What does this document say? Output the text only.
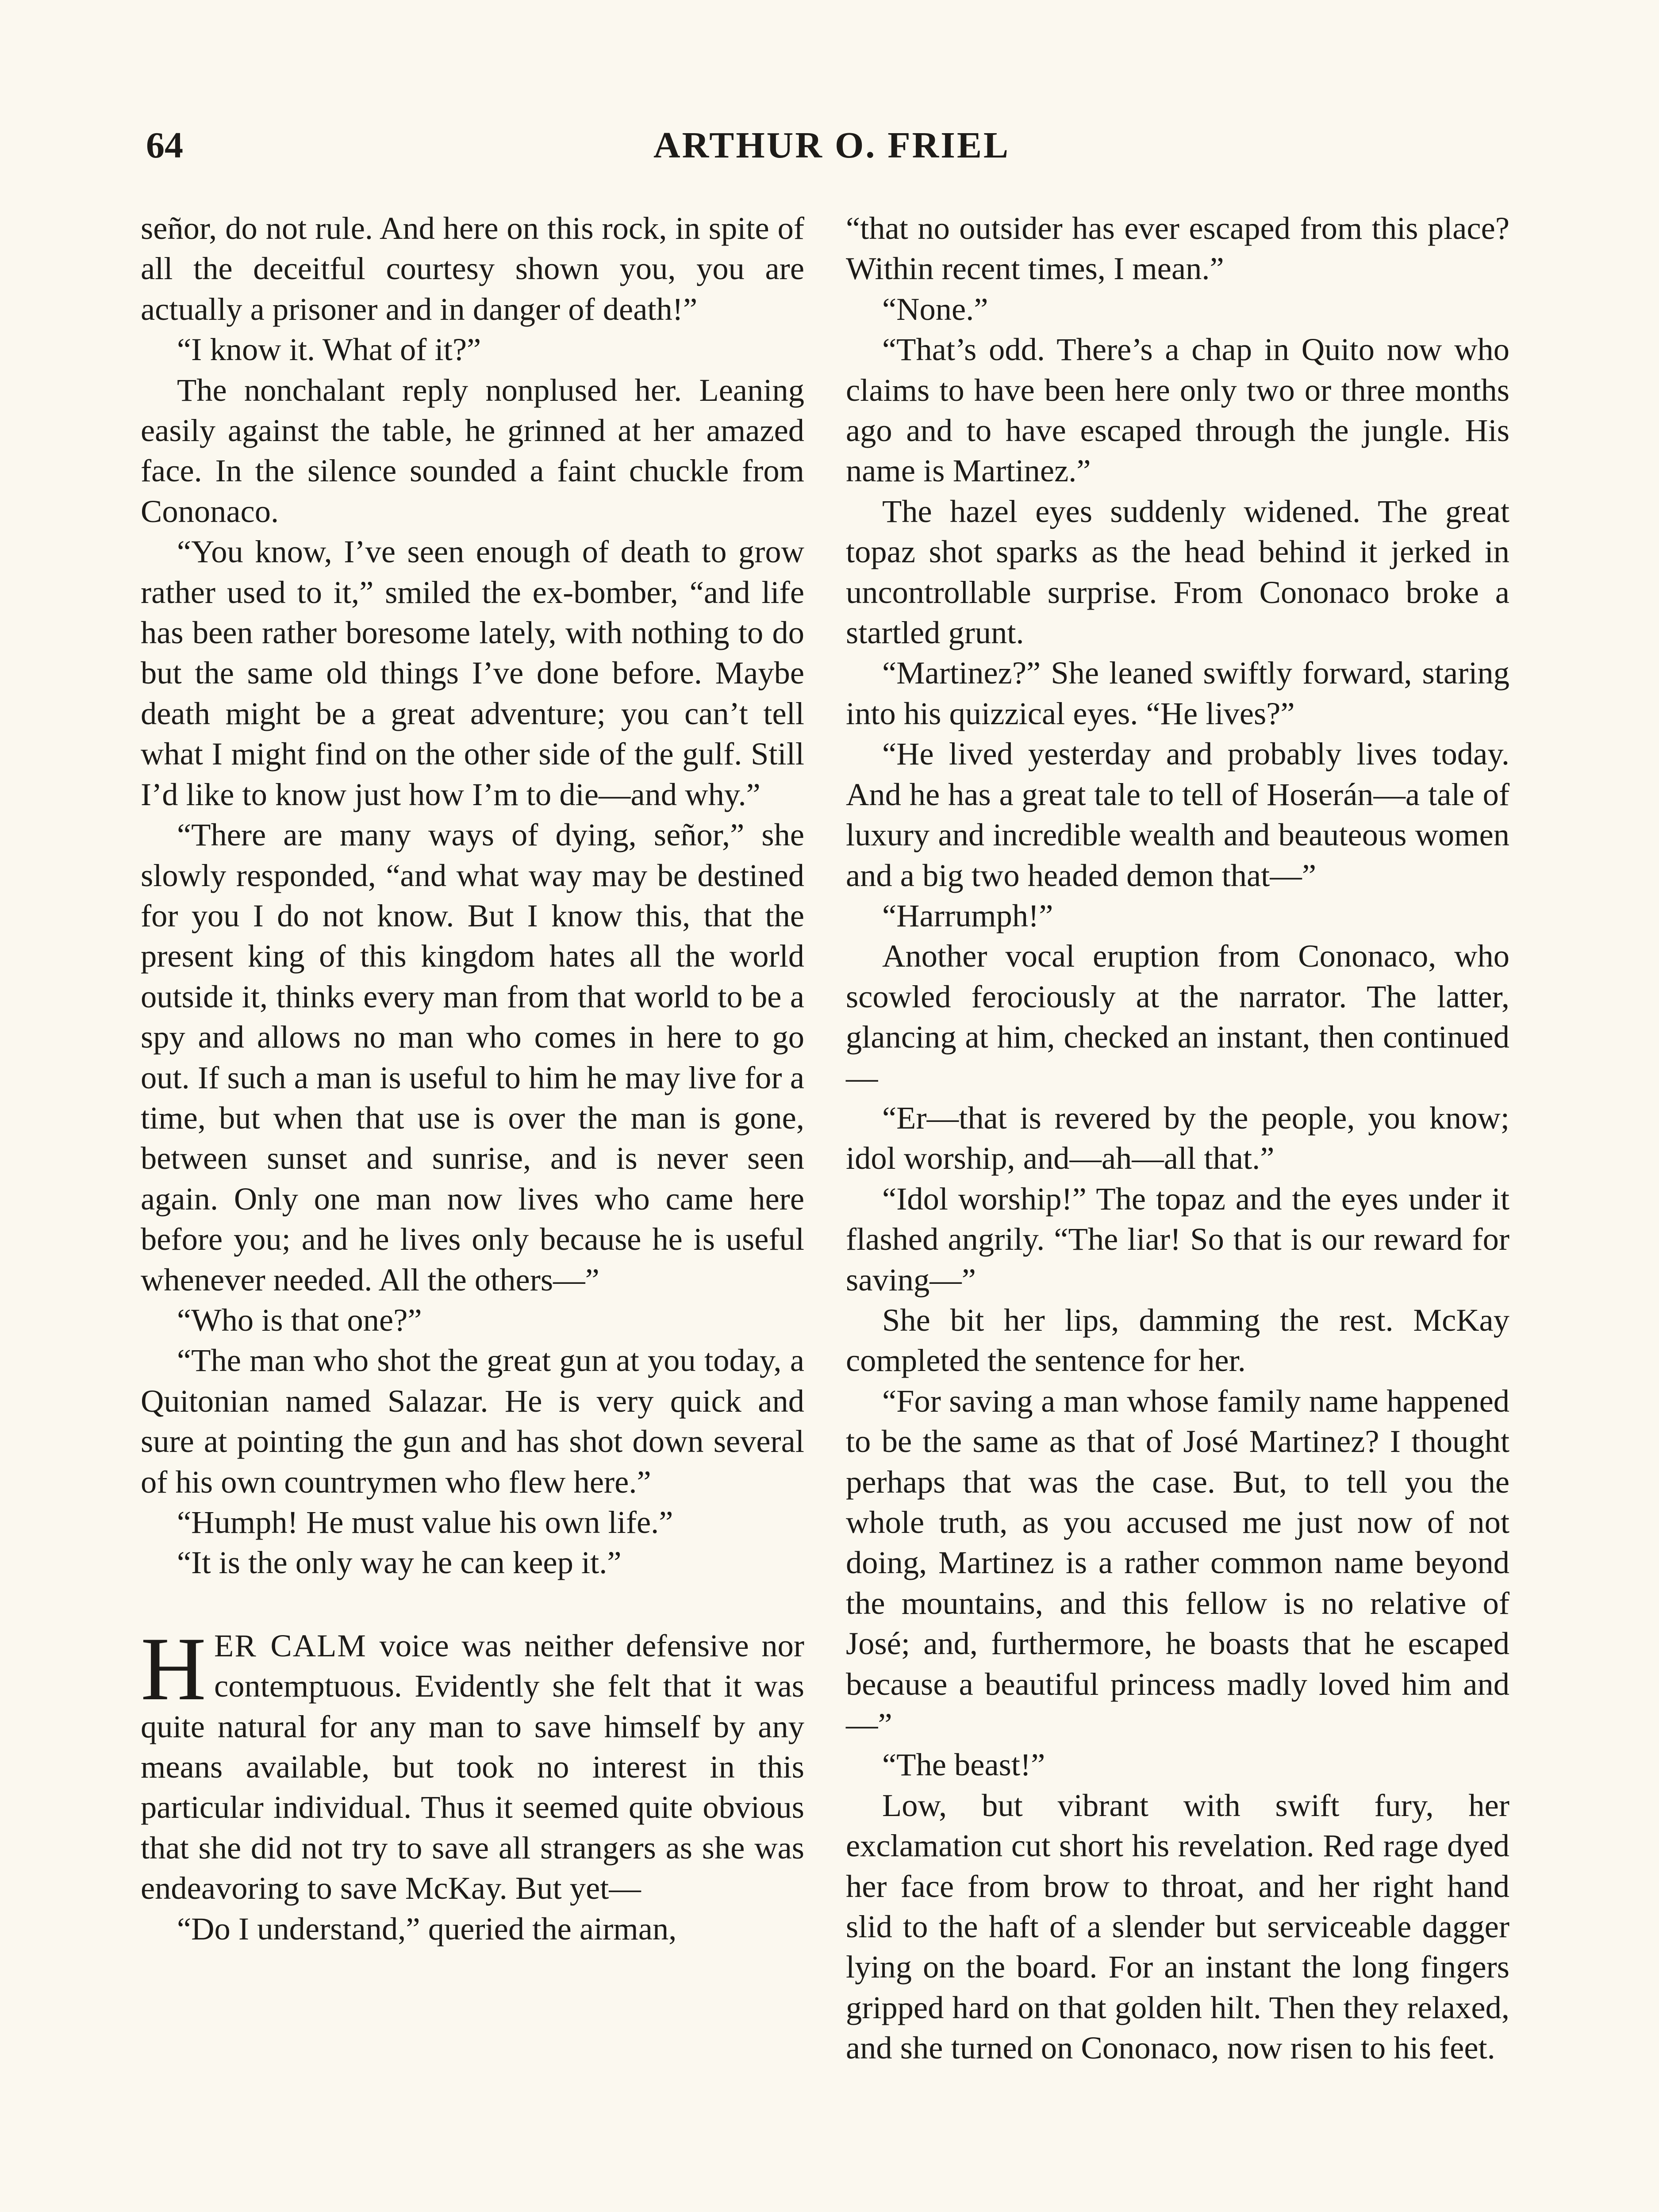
64	ARTHUR O. FRIEL

señor, do not rule. And here on this rock, in spite of all the deceitful courtesy shown you, you are actually a prisoner and in danger of death!”

“I know it. What of it?”

The nonchalant reply nonplused her. Leaning easily against the table, he grinned at her amazed face. In the silence sounded a faint chuckle from Cononaco.

“You know, I’ve seen enough of death to grow rather used to it,” smiled the ex-bomber, “and life has been rather boresome lately, with nothing to do but the same old things I’ve done before. Maybe death might be a great adventure; you can’t tell what I might find on the other side of the gulf. Still I’d like to know just how I’m to die—and why.”

“There are many ways of dying, señor,” she slowly responded, “and what way may be destined for you I do not know. But I know this, that the present king of this kingdom hates all the world outside it, thinks every man from that world to be a spy and allows no man who comes in here to go out. If such a man is useful to him he may live for a time, but when that use is over the man is gone, between sunset and sunrise, and is never seen again. Only one man now lives who came here before you; and he lives only because he is useful whenever needed. All the others—”

“Who is that one?”

“The man who shot the great gun at you today, a Quitonian named Salazar. He is very quick and sure at pointing the gun and has shot down several of his own countrymen who flew here.”

“Humph! He must value his own life.”

“It is the only way he can keep it.”

HER CALM voice was neither defensive nor contemptuous. Evidently she felt that it was quite natural for any man to save himself by any means available, but took no interest in this particular individual. Thus it seemed quite obvious that she did not try to save all strangers as she was endeavoring to save McKay. But yet—

“Do I understand,” queried the airman,

“that no outsider has ever escaped from this place? Within recent times, I mean.”

“None.”

“That’s odd. There’s a chap in Quito now who claims to have been here only two or three months ago and to have escaped through the jungle. His name is Martinez.”

The hazel eyes suddenly widened. The great topaz shot sparks as the head behind it jerked in uncontrollable surprise. From Cononaco broke a startled grunt.

“Martinez?” She leaned swiftly forward, staring into his quizzical eyes. “He lives?”

“He lived yesterday and probably lives today. And he has a great tale to tell of Hoserán—a tale of luxury and incredible wealth and beauteous women and a big two headed demon that—”

“Harrumph!”

Another vocal eruption from Cononaco, who scowled ferociously at the narrator. The latter, glancing at him, checked an instant, then continued—

“Er—that is revered by the people, you know; idol worship, and—ah—all that.”

“Idol worship!” The topaz and the eyes under it flashed angrily. “The liar! So that is our reward for saving—”

She bit her lips, damming the rest. McKay completed the sentence for her.

“For saving a man whose family name happened to be the same as that of José Martinez? I thought perhaps that was the case. But, to tell you the whole truth, as you accused me just now of not doing, Martinez is a rather common name beyond the mountains, and this fellow is no relative of José; and, furthermore, he boasts that he escaped because a beautiful princess madly loved him and—”

“The beast!”

Low, but vibrant with swift fury, her exclamation cut short his revelation. Red rage dyed her face from brow to throat, and her right hand slid to the haft of a slender but serviceable dagger lying on the board. For an instant the long fingers gripped hard on that golden hilt. Then they relaxed, and she turned on Cononaco, now risen to his feet.
